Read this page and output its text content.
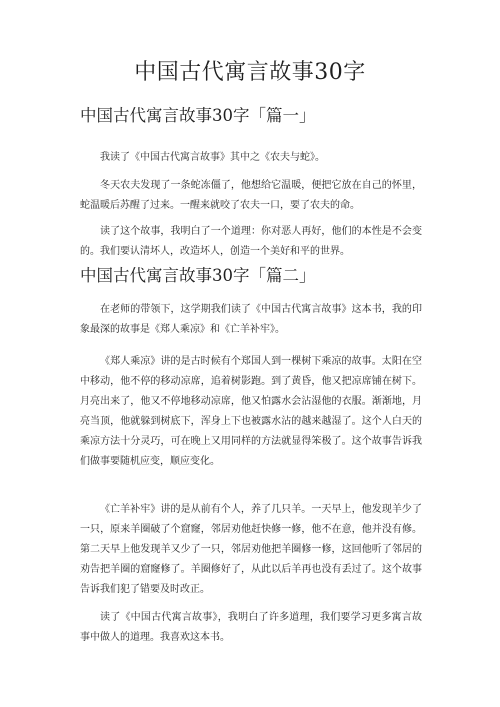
中国古代寓言故事30字
中国古代寓言故事30字「篇一」

我读了《中国古代寓言故事》其中之《农夫与蛇》。

冬天农夫发现了一条蛇冻僵了，他想给它温暖，便把它放在自己的怀里，蛇温暖后苏醒了过来。一醒来就咬了农夫一口，要了农夫的命。

读了这个故事，我明白了一个道理：你对恶人再好，他们的本性是不会变的。我们要认清坏人，改造坏人，创造一个美好和平的世界。

中国古代寓言故事30字「篇二」

在老师的带领下，这学期我们读了《中国古代寓言故事》这本书，我的印象最深的故事是《郑人乘凉》和《亡羊补牢》。

《郑人乘凉》讲的是古时候有个郑国人到一棵树下乘凉的故事。太阳在空中移动，他不停的移动凉席，追着树影跑。到了黄昏，他又把凉席铺在树下。月亮出来了，他又不停地移动凉席，他又怕露水会沾湿他的衣服。渐渐地，月亮当顶，他就躲到树底下，浑身上下也被露水沾的越来越湿了。这个人白天的乘凉方法十分灵巧，可在晚上又用同样的方法就显得笨极了。这个故事告诉我们做事要随机应变，顺应变化。

《亡羊补牢》讲的是从前有个人，养了几只羊。一天早上，他发现羊少了一只，原来羊圈破了个窟窿，邻居劝他赶快修一修，他不在意，他并没有修。第二天早上他发现羊又少了一只，邻居劝他把羊圈修一修，这回他听了邻居的劝告把羊圈的窟窿修了。羊圈修好了，从此以后羊再也没有丢过了。这个故事告诉我们犯了错要及时改正。

读了《中国古代寓言故事》，我明白了许多道理，我们要学习更多寓言故事中做人的道理。我喜欢这本书。
